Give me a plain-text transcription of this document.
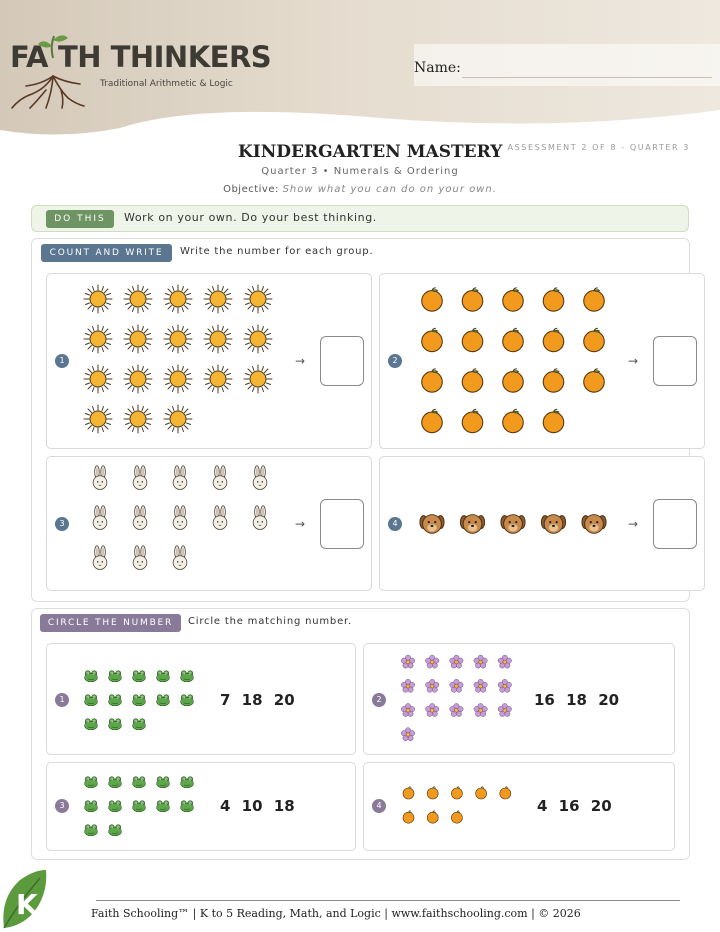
FA TH THINKERS
Traditional Arithmetic & Logic
Name:
KINDERGARTEN MASTERY ASSESSMENT 2 OF 8 - QUARTER 3
Quarter 3 • Numerals & Ordering
Objective: Show what you can do on your own.
DO THIS	Work on your own. Do your best thinking.
COUNT AND WRITE	Write the number for each group.
1	→	2	→
3	→	4	→
CIRCLE THE NUMBER	Circle the matching number.
1	7 18 20	2	16 18 20
3	4 10 18	4	4 16 20
K	Faith Schooling™ | K to 5 Reading, Math, and Logic | www.faithschooling.com | © 2026
